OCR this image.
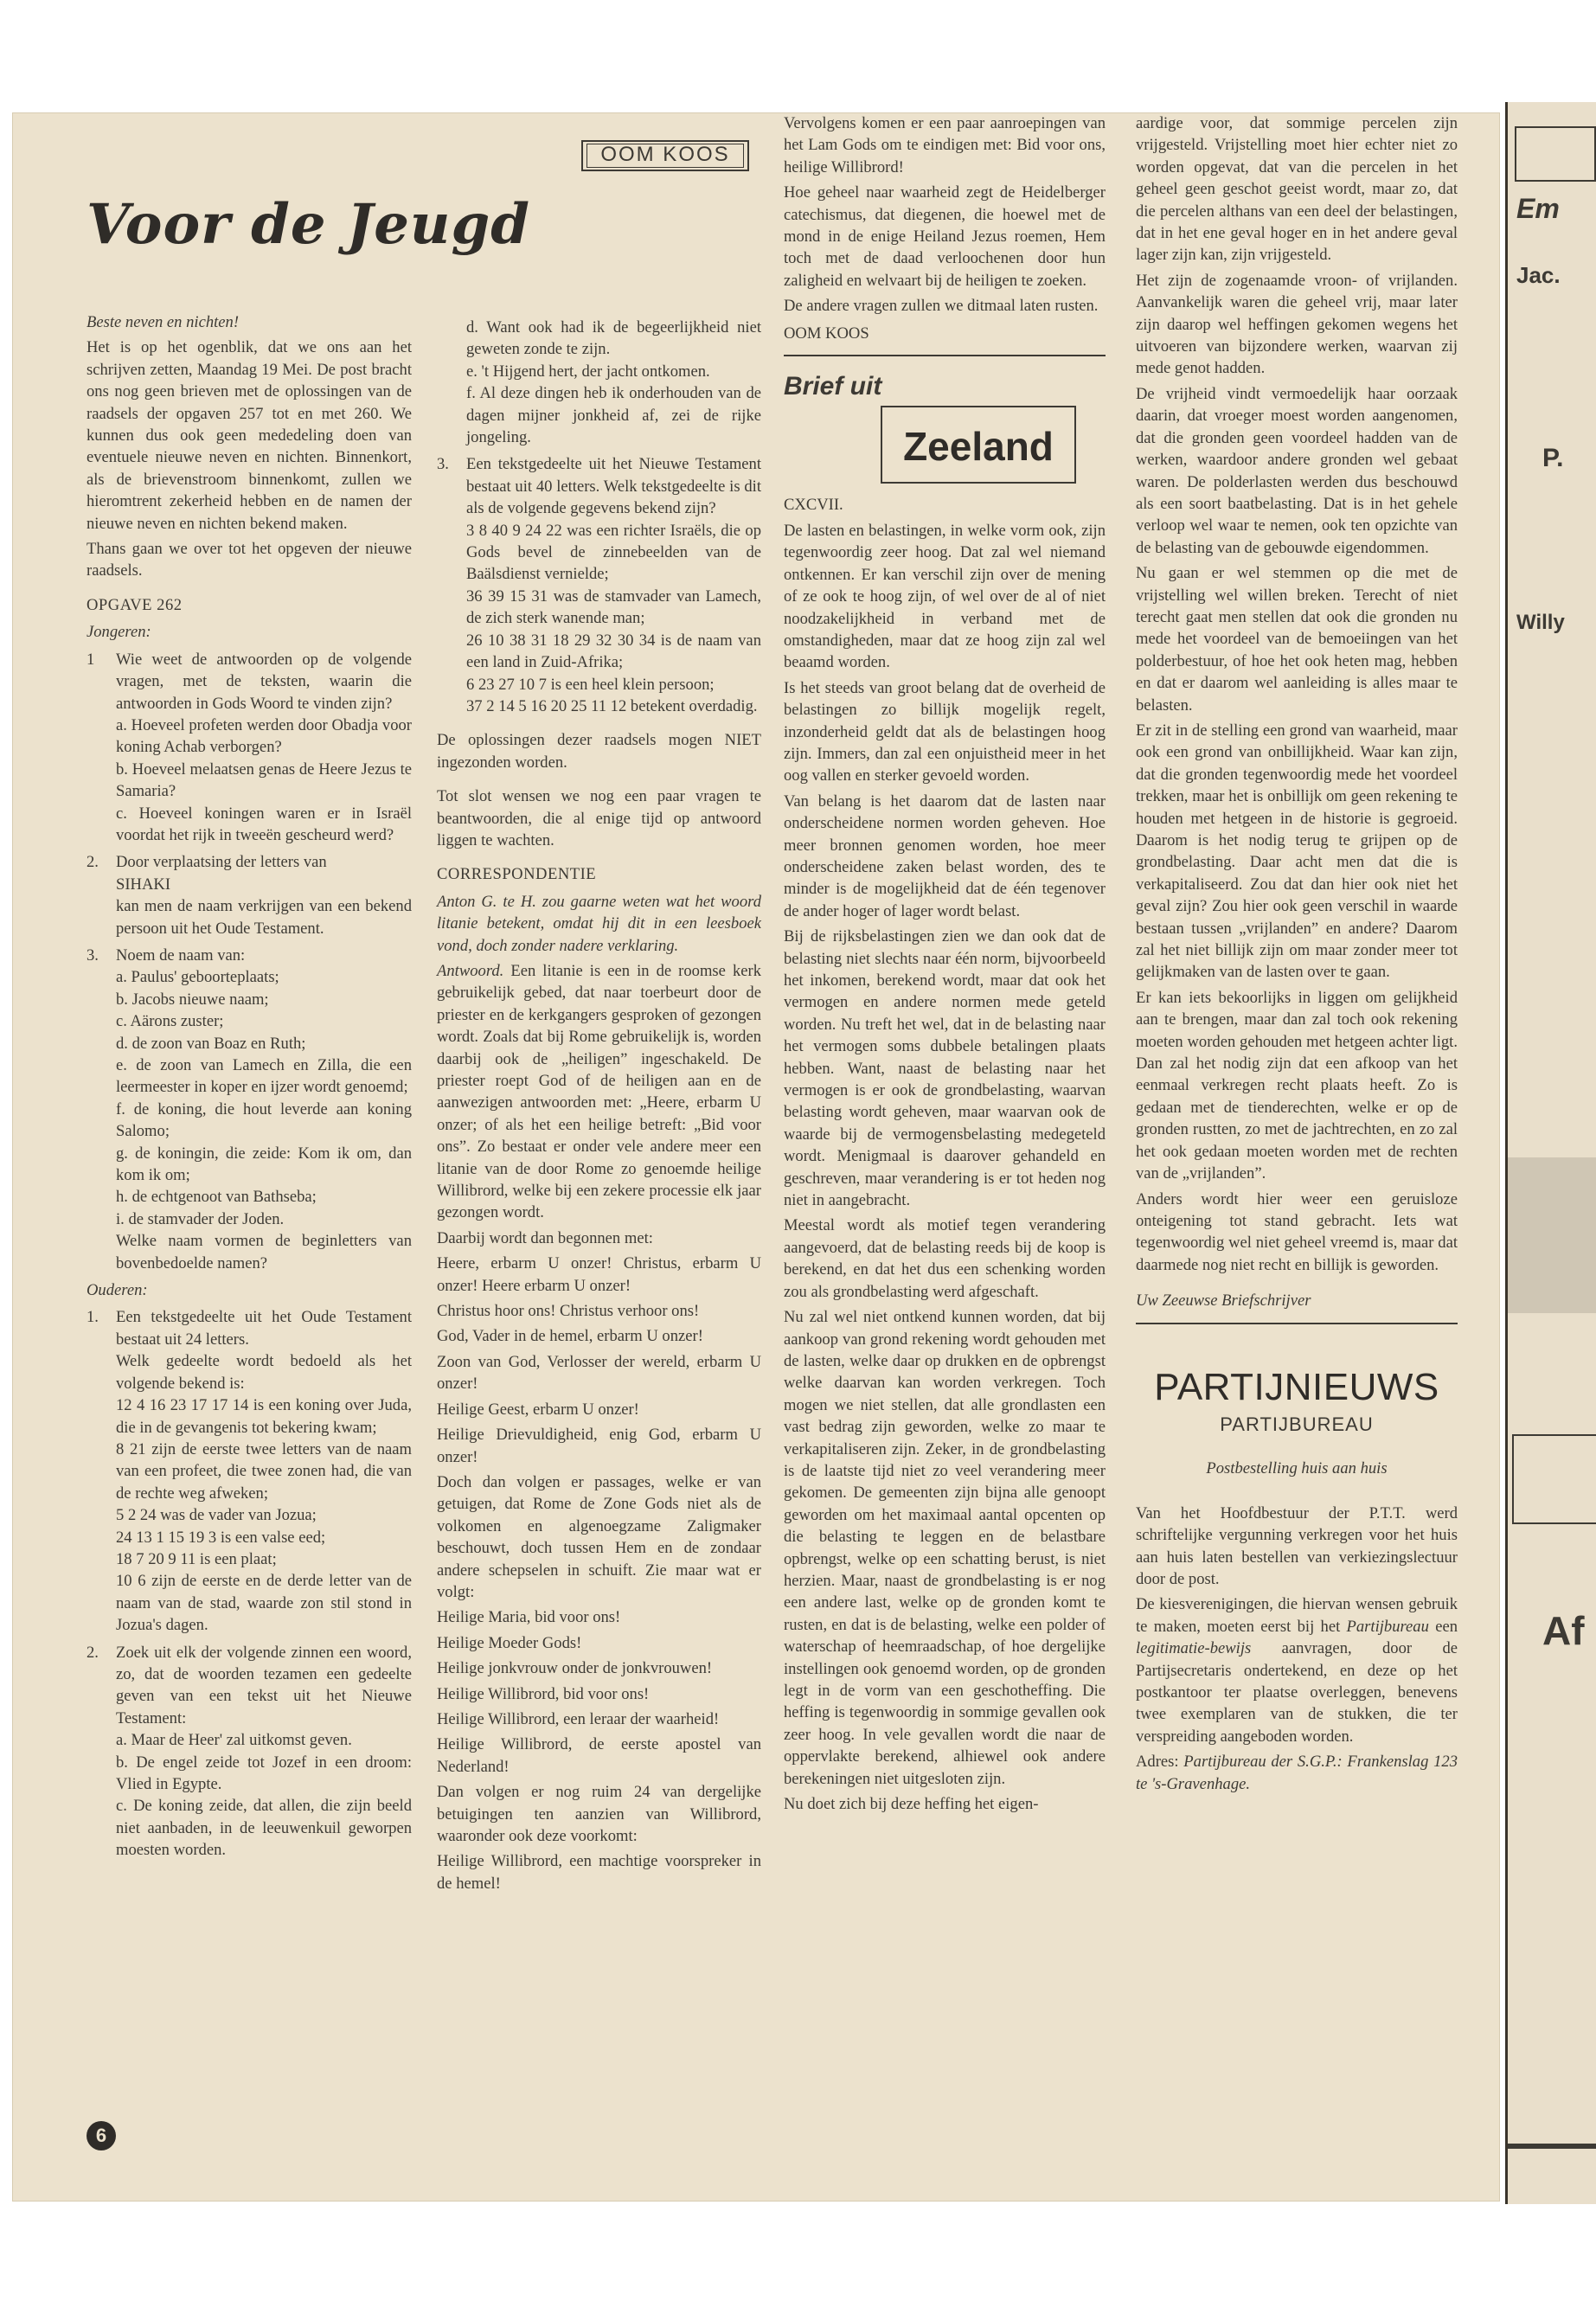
OOM KOOS
Voor de Jeugd

Beste neven en nichten!

Het is op het ogenblik, dat we ons aan het schrijven zetten, Maandag 19 Mei. De post bracht ons nog geen brieven met de oplossingen van de raadsels der opgaven 257 tot en met 260. We kunnen dus ook geen mededeling doen van eventuele nieuwe neven en nichten. Binnenkort, als de brievenstroom binnenkomt, zullen we hieromtrent zekerheid hebben en de namen der nieuwe neven en nichten bekend maken.

Thans gaan we over tot het opgeven der nieuwe raadsels.

OPGAVE 262

Jongeren:

1 Wie weet de antwoorden op de volgende vragen, met de teksten, waarin die antwoorden in Gods Woord te vinden zijn?
a. Hoeveel profeten werden door Obadja voor koning Achab verborgen?
b. Hoeveel melaatsen genas de Heere Jezus te Samaria?
c. Hoeveel koningen waren er in Israël voordat het rijk in tweeën gescheurd werd?
2. Door verplaatsing der letters van
SIHAKI
kan men de naam verkrijgen van een bekend persoon uit het Oude Testament.
3. Noem de naam van:
a. Paulus' geboorteplaats;
b. Jacobs nieuwe naam;
c. Aärons zuster;
d. de zoon van Boaz en Ruth;
e. de zoon van Lamech en Zilla, die een leermeester in koper en ijzer wordt genoemd;
f. de koning, die hout leverde aan koning Salomo;
g. de koningin, die zeide: Kom ik om, dan kom ik om;
h. de echtgenoot van Bathseba;
i. de stamvader der Joden.
Welke naam vormen de beginletters van bovenbedoelde namen?

Ouderen:

1. Een tekstgedeelte uit het Oude Testament bestaat uit 24 letters.
Welk gedeelte wordt bedoeld als het volgende bekend is:
12 4 16 23 17 17 14 is een koning over Juda, die in de gevangenis tot bekering kwam;
8 21 zijn de eerste twee letters van de naam van een profeet, die twee zonen had, die van de rechte weg afweken;
5 2 24 was de vader van Jozua;
24 13 1 15 19 3 is een valse eed;
18 7 20 9 11 is een plaat;
10 6 zijn de eerste en de derde letter van de naam van de stad, waarde zon stil stond in Jozua's dagen.
2. Zoek uit elk der volgende zinnen een woord, zo, dat de woorden tezamen een gedeelte geven van een tekst uit het Nieuwe Testament:
a. Maar de Heer' zal uitkomst geven.
b. De engel zeide tot Jozef in een droom: Vlied in Egypte.
c. De koning zeide, dat allen, die zijn beeld niet aanbaden, in de leeuwenkuil geworpen moesten worden.
d. Want ook had ik de begeerlijkheid niet geweten zonde te zijn.
e. 't Hijgend hert, der jacht ontkomen.
f. Al deze dingen heb ik onderhouden van de dagen mijner jonkheid af, zei de rijke jongeling.
3. Een tekstgedeelte uit het Nieuwe Testament bestaat uit 40 letters. Welk tekstgedeelte is dit als de volgende gegevens bekend zijn?
3 8 40 9 24 22 was een richter Israëls, die op Gods bevel de zinnebeelden van de Baälsdienst vernielde;
36 39 15 31 was de stamvader van Lamech, de zich sterk wanende man;
26 10 38 31 18 29 32 30 34 is de naam van een land in Zuid-Afrika;
6 23 27 10 7 is een heel klein persoon;
37 2 14 5 16 20 25 11 12 betekent overdadig.

De oplossingen dezer raadsels mogen NIET ingezonden worden.

Tot slot wensen we nog een paar vragen te beantwoorden, die al enige tijd op antwoord liggen te wachten.

CORRESPONDENTIE

Anton G. te H. zou gaarne weten wat het woord litanie betekent, omdat hij dit in een leesboek vond, doch zonder nadere verklaring.

Antwoord. Een litanie is een in de roomse kerk gebruikelijk gebed, dat naar toerbeurt door de priester en de kerkgangers gesproken of gezongen wordt. Zoals dat bij Rome gebruikelijk is, worden daarbij ook de „heiligen” ingeschakeld. De priester roept God of de heiligen aan en de aanwezigen antwoorden met: „Heere, erbarm U onzer; of als het een heilige betreft: „Bid voor ons”. Zo bestaat er onder vele andere meer een litanie van de door Rome zo genoemde heilige Willibrord, welke bij een zekere processie elk jaar gezongen wordt.

Daarbij wordt dan begonnen met:

Heere, erbarm U onzer! Christus, erbarm U onzer! Heere erbarm U onzer!

Christus hoor ons! Christus verhoor ons!

God, Vader in de hemel, erbarm U onzer!

Zoon van God, Verlosser der wereld, erbarm U onzer!

Heilige Geest, erbarm U onzer!

Heilige Drievuldigheid, enig God, erbarm U onzer!

Doch dan volgen er passages, welke er van getuigen, dat Rome de Zone Gods niet als de volkomen en algenoegzame Zaligmaker beschouwt, doch tussen Hem en de zondaar andere schepselen in schuift. Zie maar wat er volgt:

Heilige Maria, bid voor ons!

Heilige Moeder Gods!

Heilige jonkvrouw onder de jonkvrouwen!

Heilige Willibrord, bid voor ons!

Heilige Willibrord, een leraar der waarheid!

Heilige Willibrord, de eerste apostel van Nederland!

Dan volgen er nog ruim 24 van dergelijke betuigingen ten aanzien van Willibrord, waaronder ook deze voorkomt:

Heilige Willibrord, een machtige voorspreker in de hemel!

Vervolgens komen er een paar aanroepingen van het Lam Gods om te eindigen met: Bid voor ons, heilige Willibrord!

Hoe geheel naar waarheid zegt de Heidelberger catechismus, dat diegenen, die hoewel met de mond in de enige Heiland Jezus roemen, Hem toch met de daad verloochenen door hun zaligheid en welvaart bij de heiligen te zoeken.

De andere vragen zullen we ditmaal laten rusten.

OOM KOOS

Brief uit
Zeeland

CXCVII.

De lasten en belastingen, in welke vorm ook, zijn tegenwoordig zeer hoog. Dat zal wel niemand ontkennen. Er kan verschil zijn over de mening of ze ook te hoog zijn, of wel over de al of niet noodzakelijkheid in verband met de omstandigheden, maar dat ze hoog zijn zal wel beaamd worden.

Is het steeds van groot belang dat de overheid de belastingen zo billijk mogelijk regelt, inzonderheid geldt dat als de belastingen hoog zijn. Immers, dan zal een onjuistheid meer in het oog vallen en sterker gevoeld worden.

Van belang is het daarom dat de lasten naar onderscheidene normen worden geheven. Hoe meer bronnen genomen worden, hoe meer onderscheidene zaken belast worden, des te minder is de mogelijkheid dat de één tegenover de ander hoger of lager wordt belast.

Bij de rijksbelastingen zien we dan ook dat de belasting niet slechts naar één norm, bijvoorbeeld het inkomen, berekend wordt, maar dat ook het vermogen en andere normen mede geteld worden. Nu treft het wel, dat in de belasting naar het vermogen soms dubbele betalingen plaats hebben. Want, naast de belasting naar het vermogen is er ook de grondbelasting, waarvan belasting wordt geheven, maar waarvan ook de waarde bij de vermogensbelasting medegeteld wordt. Menigmaal is daarover gehandeld en geschreven, maar verandering is er tot heden nog niet in aangebracht.

Meestal wordt als motief tegen verandering aangevoerd, dat de belasting reeds bij de koop is berekend, en dat het dus een schenking worden zou als grondbelasting werd afgeschaft.

Nu zal wel niet ontkend kunnen worden, dat bij aankoop van grond rekening wordt gehouden met de lasten, welke daar op drukken en de opbrengst welke daarvan kan worden verkregen. Toch mogen we niet stellen, dat alle grondlasten een vast bedrag zijn geworden, welke zo maar te verkapitaliseren zijn. Zeker, in de grondbelasting is de laatste tijd niet zo veel verandering meer gekomen. De gemeenten zijn bijna alle genoopt geworden om het maximaal aantal opcenten op die belasting te leggen en de belastbare opbrengst, welke op een schatting berust, is niet herzien. Maar, naast de grondbelasting is er nog een andere last, welke op de gronden komt te rusten, en dat is de belasting, welke een polder of waterschap of heemraadschap, of hoe dergelijke instellingen ook genoemd worden, op de gronden legt in de vorm van een geschotheffing. Die heffing is tegenwoordig in sommige gevallen ook zeer hoog. In vele gevallen wordt die naar de oppervlakte berekend, alhiewel ook andere berekeningen niet uitgesloten zijn.

Nu doet zich bij deze heffing het eigen-

aardige voor, dat sommige percelen zijn vrijgesteld. Vrijstelling moet hier echter niet zo worden opgevat, dat van die percelen in het geheel geen geschot geeist wordt, maar zo, dat die percelen althans van een deel der belastingen, dat in het ene geval hoger en in het andere geval lager zijn kan, zijn vrijgesteld.

Het zijn de zogenaamde vroon- of vrijlanden. Aanvankelijk waren die geheel vrij, maar later zijn daarop wel heffingen gekomen wegens het uitvoeren van bijzondere werken, waarvan zij mede genot hadden.

De vrijheid vindt vermoedelijk haar oorzaak daarin, dat vroeger moest worden aangenomen, dat die gronden geen voordeel hadden van de werken, waardoor andere gronden wel gebaat waren. De polderlasten werden dus beschouwd als een soort baatbelasting. Dat is in het gehele verloop wel waar te nemen, ook ten opzichte van de belasting van de gebouwde eigendommen.

Nu gaan er wel stemmen op die met de vrijstelling wel willen breken. Terecht of niet terecht gaat men stellen dat ook die gronden nu mede het voordeel van de bemoeiingen van het polderbestuur, of hoe het ook heten mag, hebben en dat er daarom wel aanleiding is alles maar te belasten.

Er zit in de stelling een grond van waarheid, maar ook een grond van onbillijkheid. Waar kan zijn, dat die gronden tegenwoordig mede het voordeel trekken, maar het is onbillijk om geen rekening te houden met hetgeen in de historie is gegroeid. Daarom is het nodig terug te grijpen op de grondbelasting. Daar acht men dat die is verkapitaliseerd. Zou dat dan hier ook niet het geval zijn? Zou hier ook geen verschil in waarde bestaan tussen „vrijlanden” en andere? Daarom zal het niet billijk zijn om maar zonder meer tot gelijkmaken van de lasten over te gaan.

Er kan iets bekoorlijks in liggen om gelijkheid aan te brengen, maar dan zal toch ook rekening moeten worden gehouden met hetgeen achter ligt. Dan zal het nodig zijn dat een afkoop van het eenmaal verkregen recht plaats heeft. Zo is gedaan met de tienderechten, welke er op de gronden rustten, zo met de jachtrechten, en zo zal het ook gedaan moeten worden met de rechten van de „vrijlanden”.

Anders wordt hier weer een geruisloze onteigening tot stand gebracht. Iets wat tegenwoordig wel niet geheel vreemd is, maar dat daarmede nog niet recht en billijk is geworden.

Uw Zeeuwse Briefschrijver

PARTIJNIEUWS
PARTIJBUREAU

Postbestelling huis aan huis

Van het Hoofdbestuur der P.T.T. werd schriftelijke vergunning verkregen voor het huis aan huis laten bestellen van verkiezingslectuur door de post.

De kiesverenigingen, die hiervan wensen gebruik te maken, moeten eerst bij het Partijbureau een legitimatie-bewijs aanvragen, door de Partijsecretaris ondertekend, en deze op het postkantoor ter plaatse overleggen, benevens twee exemplaren van de stukken, die ter verspreiding aangeboden worden.

Adres: Partijbureau der S.G.P.: Frankenslag 123 te 's-Gravenhage.

6
Em
Jac.
P.
Willy
Af
